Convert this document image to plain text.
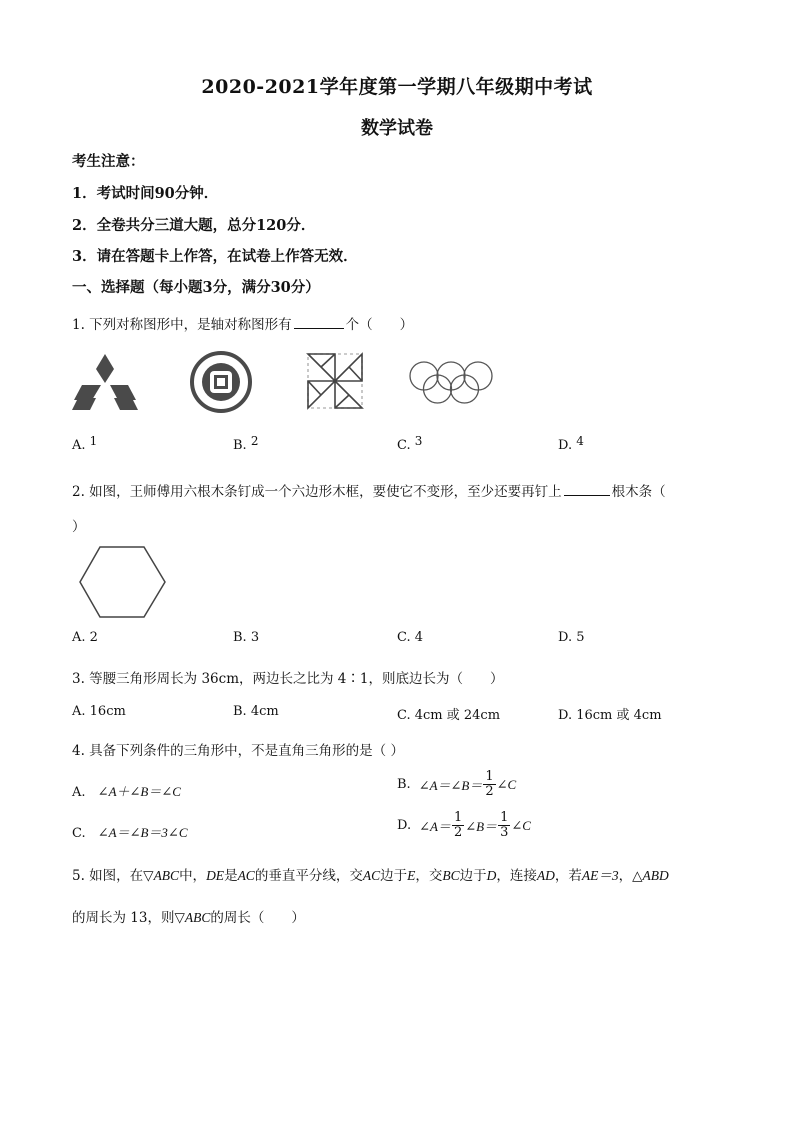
2020-2021学年度第一学期八年级期中考试
数学试卷
考生注意：
1．考试时间90分钟．
2．全卷共分三道大题，总分120分．
3．请在答题卡上作答，在试卷上作答无效．
一、选择题（每小题3分，满分30分）
1. 下列对称图形中，是轴对称图形有	个（　　）
A. 1	B. 2	C. 3	D. 4
2. 如图，王师傅用六根木条钉成一个六边形木框，要使它不变形，至少还要再钉上	根木条（
）
A. 2	B. 3	C. 4	D. 5
3. 等腰三角形周长为 36cm，两边长之比为 4∶1，则底边长为（　　）
A. 16cm	B. 4cm	C. 4cm 或 24cm	D. 16cm 或 4cm
4. 具备下列条件的三角形中，不是直角三角形的是（ ）
A. ∠A＋∠B＝∠C	B. ∠A＝∠B＝ $\frac{1}{2}$ ∠C
C. ∠A＝∠B＝3∠C	D. ∠A＝ $\frac{1}{2}$ ∠B＝ $\frac{1}{3}$ ∠C
5. 如图，在▽ABC中，DE是AC的垂直平分线，交AC边于E，交BC边于D，连接AD，若AE＝3，△ABD
的周长为 13，则▽ABC的周长（　　）
